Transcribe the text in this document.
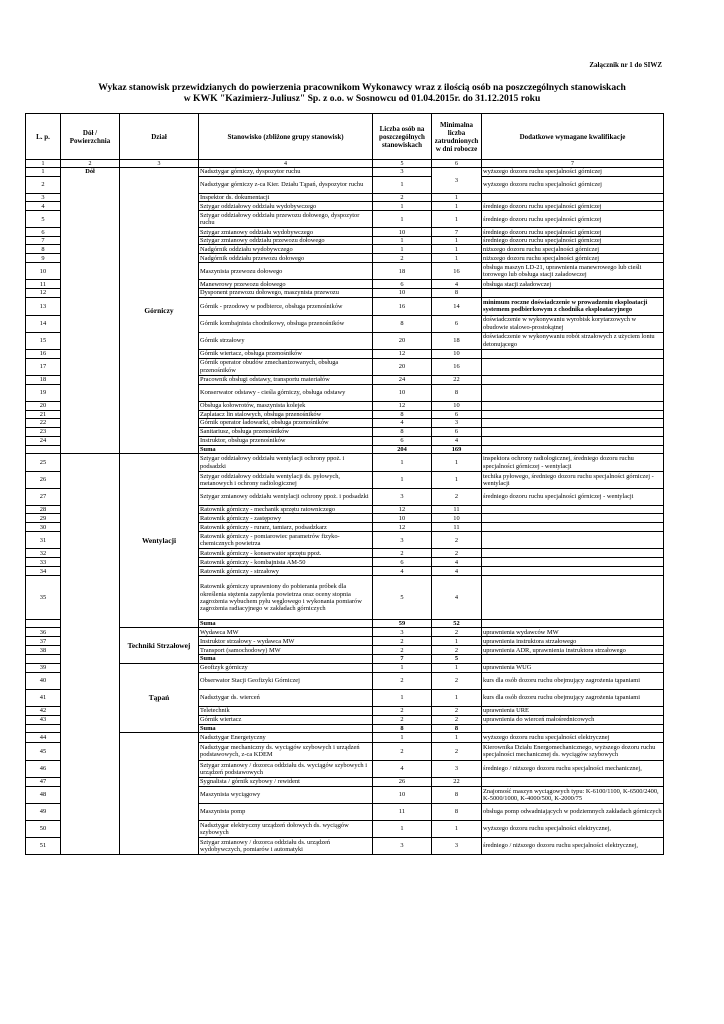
Załącznik nr 1 do SIWZ
Wykaz stanowisk przewidzianych do powierzenia pracownikom Wykonawcy wraz z ilością osób na poszczególnych stanowiskach
w KWK "Kazimierz-Juliusz" Sp. z o.o. w Sosnowcu od 01.04.2015r. do 31.12.2015 roku
L. p.	Dół / Powierzchnia	Dział	Stanowisko (zbliżone grupy stanowisk)	Liczba osób na poszczególnych stanowiskach	Minimalna liczba zatrudnionych w dni robocze	Dodatkowe wymagane kwalifikacje
1	2	3	4	5	6	7
1	Dół	Górniczy	Nadsztygar górniczy, dyspozytor ruchu	3	3	wyższego dozoru ruchu specjalności górniczej
2			Nadsztygar górniczy z-ca Kier. Działu Tąpań, dyspozytor ruchu	1		wyższego dozoru ruchu specjalności górniczej
3			Inspektor ds. dokumentacji	2	1	
4			Sztygar oddziałowy oddziału wydobywczego	1	1	średniego dozoru ruchu specjalności górniczej
5			Sztygar oddziałowy oddziału przewozu dołowego, dyspozytor ruchu	1	1	średniego dozoru ruchu specjalności górniczej
6			Sztygar zmianowy oddziału wydobywczego	10	7	średniego dozoru ruchu specjalności górniczej
7			Sztygar zmianowy oddziału przewozu dołowego	1	1	średniego dozoru ruchu specjalności górniczej
8			Nadgórnik oddziału wydobywczego	1	1	niższego dozoru ruchu specjalności górniczej
9			Nadgórnik oddziału przewozu dołowego	2	1	niższego dozoru ruchu specjalności górniczej
10			Maszynista przewozu dołowego	18	16	obsługa maszyn LD-21, uprawnienia manewrowego lub cieśli torowego lub obsługa stacji załadowczej
11			Manewrowy przewozu dołowego	6	4	obsługa stacji załadowczej
12			Dysponent przewozu dołowego, maszynista przewozu	10	8	
13			Górnik - przodowy w podbierce, obsługa przenośników	16	14	minimum roczne doświadczenie w prowadzeniu eksploatacji systemem podbierkowym z chodnika eksploatacyjnego
14			Górnik kombajnista chodnikowy, obsługa przenośników	8	6	doświadczenie w wykonywaniu wyrobisk korytarzowych w obudowie stalowo-prostokątnej
15			Górnik strzałowy	20	18	doświadczenie w wykonywaniu robót strzałowych z użyciem lontu detonującego
16			Górnik wiertacz, obsługa przenośników	12	10	
17			Górnik operator obudów zmechanizowanych, obsługa przenośników	20	16	
18			Pracownik obsługi odstawy, transportu materiałów	24	22	
19			Konserwator odstawy - cieśla górniczy, obsługa odstawy	10	8	
20			Obsługa kołowrotów, maszynista kolejek	12	10	
21			Zaplatacz lin stalowych, obsługa przenośników	8	6	
22			Górnik operator ładowarki, obsługa przenośników	4	3	
23			Sanitariusz, obsługa przenośników	8	6	
24			Instruktor, obsługa przenośników	6	4	
			Suma	204	169	
25		Wentylacji	Sztygar oddziałowy oddziału wentylacji ochrony ppoż. i podsadzki	1	1	inspektora ochrony radiologicznej, średniego dozoru ruchu specjalności górniczej - wentylacji
26			Sztygar oddziałowy oddziału wentylacji ds. pyłowych, metanowych i ochrony radiologicznej	1	1	techika pyłowego, średniego dozoru ruchu specjalności górniczej - wentylacji
27			Sztygar zmianowy oddziału wentylacji ochrony ppoż. i podsadzki	3	2	średniego dozoru ruchu specjalności górniczej - wentylacji
28			Ratownik górniczy - mechanik sprzętu ratowniczego	12	11	
29			Ratownik górniczy - zastępowy	10	10	
30			Ratownik górniczy - rurarz, tamiarz, podsadzkarz	12	11	
31			Ratownik górniczy - pomiarowiec parametrów fizyko-chemicznych powietrza	3	2	
32			Ratownik górniczy - konserwator sprzętu ppoż.	2	2	
33			Ratownik górniczy - kombajnista AM-50	6	4	
34			Ratownik górniczy - strzałowy	4	4	
35			Ratownik górniczy uprawniony do pobierania próbek dla określenia stężenia zapylenia powietrza oraz oceny stopnia zagrożenia wybuchem pyłu węglowego i wykonania pomiarów zagrożenia radiacyjnego w zakładach górniczych	5	4	
			Suma	59	52	
36		Techniki Strzałowej	Wydawca MW	3	2	uprawnienia wydawców MW
37			Instruktor strzałowy - wydawca MW	2	1	uprawnienia instruktora strzałowego
38			Transport (samochodowy) MW	2	2	uprawnienia ADR, uprawnienia instruktora strzałowego
			Suma	7	5	
39		Tąpań	Geofizyk górniczy	1	1	uprawnienia WUG
40			Obserwator Stacji Geofizyki Górniczej	2	2	kurs dla osób dozoru ruchu obejmujący zagrożenia tąpaniami
41			Nadsztygar ds. wierceń	1	1	kurs dla osób dozoru ruchu obejmujący zagrożenia tąpaniami
42			Teletechnik	2	2	uprawnienia URE
43			Górnik wiertacz	2	2	uprawnienia do wierceń małośrednicowych
			Suma	8	8	
44			Nadsztygar Energetyczny	1	1	wyższego dozoru ruchu specjalności elektrycznej
45			Nadsztygar mechaniczny ds. wyciągów szybowych i urządzeń podstawowych, z-ca KDEM	2	2	Kierownika Działu Energomechanicznego, wyższego dozoru ruchu specjalności mechanicznej ds. wyciągów szybowych
46			Sztygar zmianowy / dozorca oddziału ds. wyciągów szybowych i urządzeń podstawowych	4	3	średniego / niższego dozoru ruchu specjalności mechanicznej,
47			Sygnalista / górnik szybowy / rewident	26	22	
48			Maszynista wyciągowy	10	8	Znajomość maszyn wyciągowych typu: K-6100/1100, K-6500/2400, K-5000/1000, K-4000/500, K-2000/75
49			Maszynista pomp	11	8	obsługa pomp odwadniających w podziemnych zakładach górniczych
50			Nadsztygar elektryczny urządzeń dołowych ds. wyciągów szybowych	1	1	wyższego dozoru ruchu specjalności elektrycznej,
51			Sztygar zmianowy / dozorca oddziału ds. urządzeń wydobywczych, pomiarów i automatyki	3	3	średniego / niższego dozoru ruchu specjalności elektrycznej,
